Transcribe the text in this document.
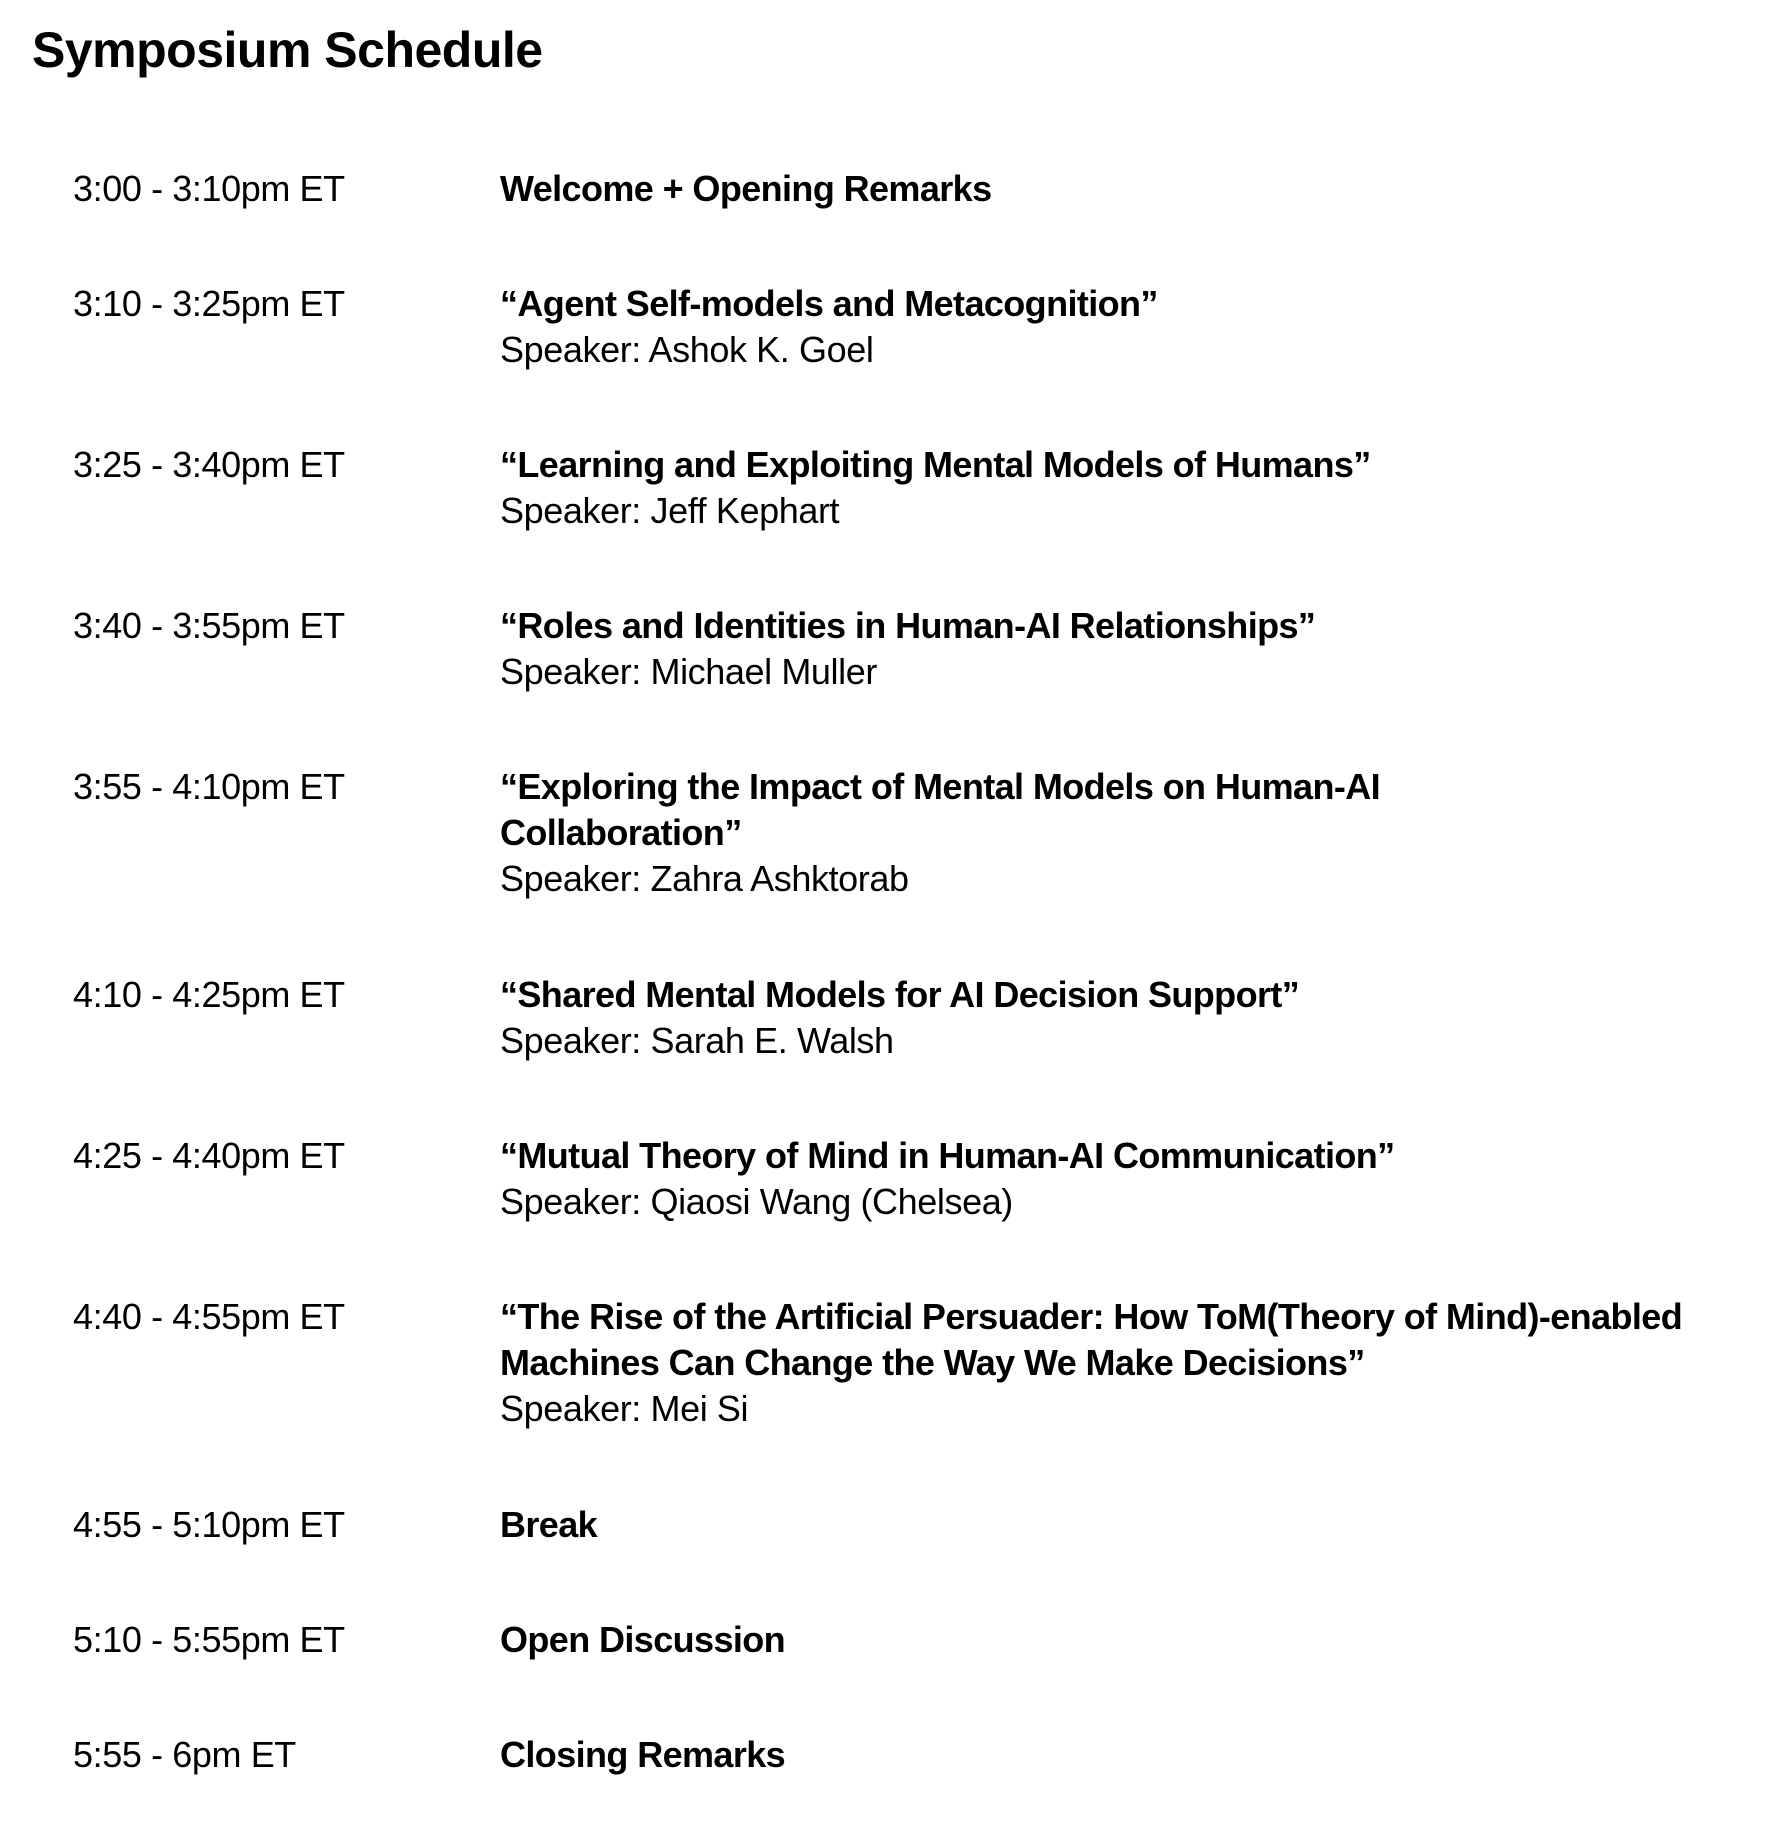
Symposium Schedule
3:00 - 3:10pm ET	Welcome + Opening Remarks
3:10 - 3:25pm ET	“Agent Self-models and Metacognition”
Speaker: Ashok K. Goel
3:25 - 3:40pm ET	“Learning and Exploiting Mental Models of Humans”
Speaker: Jeff Kephart
3:40 - 3:55pm ET	“Roles and Identities in Human-AI Relationships”
Speaker: Michael Muller
3:55 - 4:10pm ET	“Exploring the Impact of Mental Models on Human-AI
Collaboration”
Speaker: Zahra Ashktorab
4:10 - 4:25pm ET	“Shared Mental Models for AI Decision Support”
Speaker: Sarah E. Walsh
4:25 - 4:40pm ET	“Mutual Theory of Mind in Human-AI Communication”
Speaker: Qiaosi Wang (Chelsea)
4:40 - 4:55pm ET	“The Rise of the Artificial Persuader: How ToM(Theory of Mind)-enabled
Machines Can Change the Way We Make Decisions”
Speaker: Mei Si
4:55 - 5:10pm ET	Break
5:10 - 5:55pm ET	Open Discussion
5:55 - 6pm ET	Closing Remarks
